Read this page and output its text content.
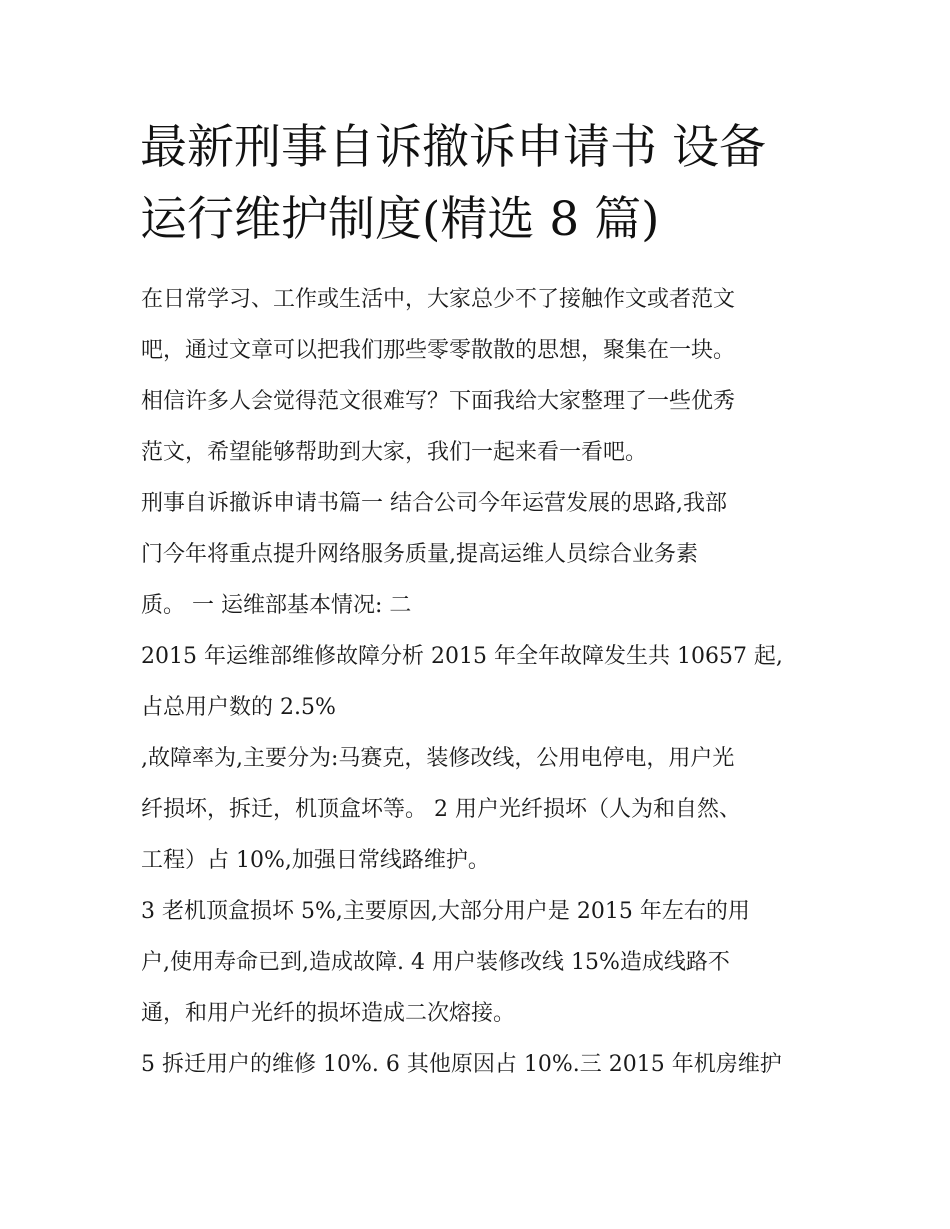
最新刑事自诉撤诉申请书 设备
运行维护制度(精选 8 篇)
在日常学习、工作或生活中，大家总少不了接触作文或者范文
吧，通过文章可以把我们那些零零散散的思想，聚集在一块。
相信许多人会觉得范文很难写？下面我给大家整理了一些优秀
范文，希望能够帮助到大家，我们一起来看一看吧。
刑事自诉撤诉申请书篇一 结合公司今年运营发展的思路,我部
门今年将重点提升网络服务质量,提高运维人员综合业务素
质。 一 运维部基本情况: 二
2015 年运维部维修故障分析 2015 年全年故障发生共 10657 起,
占总用户数的 2.5%
,故障率为,主要分为:马赛克，装修改线，公用电停电，用户光
纤损坏，拆迁，机顶盒坏等。 2 用户光纤损坏（人为和自然、
工程）占 10%,加强日常线路维护。
3 老机顶盒损坏 5%,主要原因,大部分用户是 2015 年左右的用
户,使用寿命已到,造成故障. 4 用户装修改线 15%造成线路不
通，和用户光纤的损坏造成二次熔接。
5 拆迁用户的维修 10%. 6 其他原因占 10%.三 2015 年机房维护
